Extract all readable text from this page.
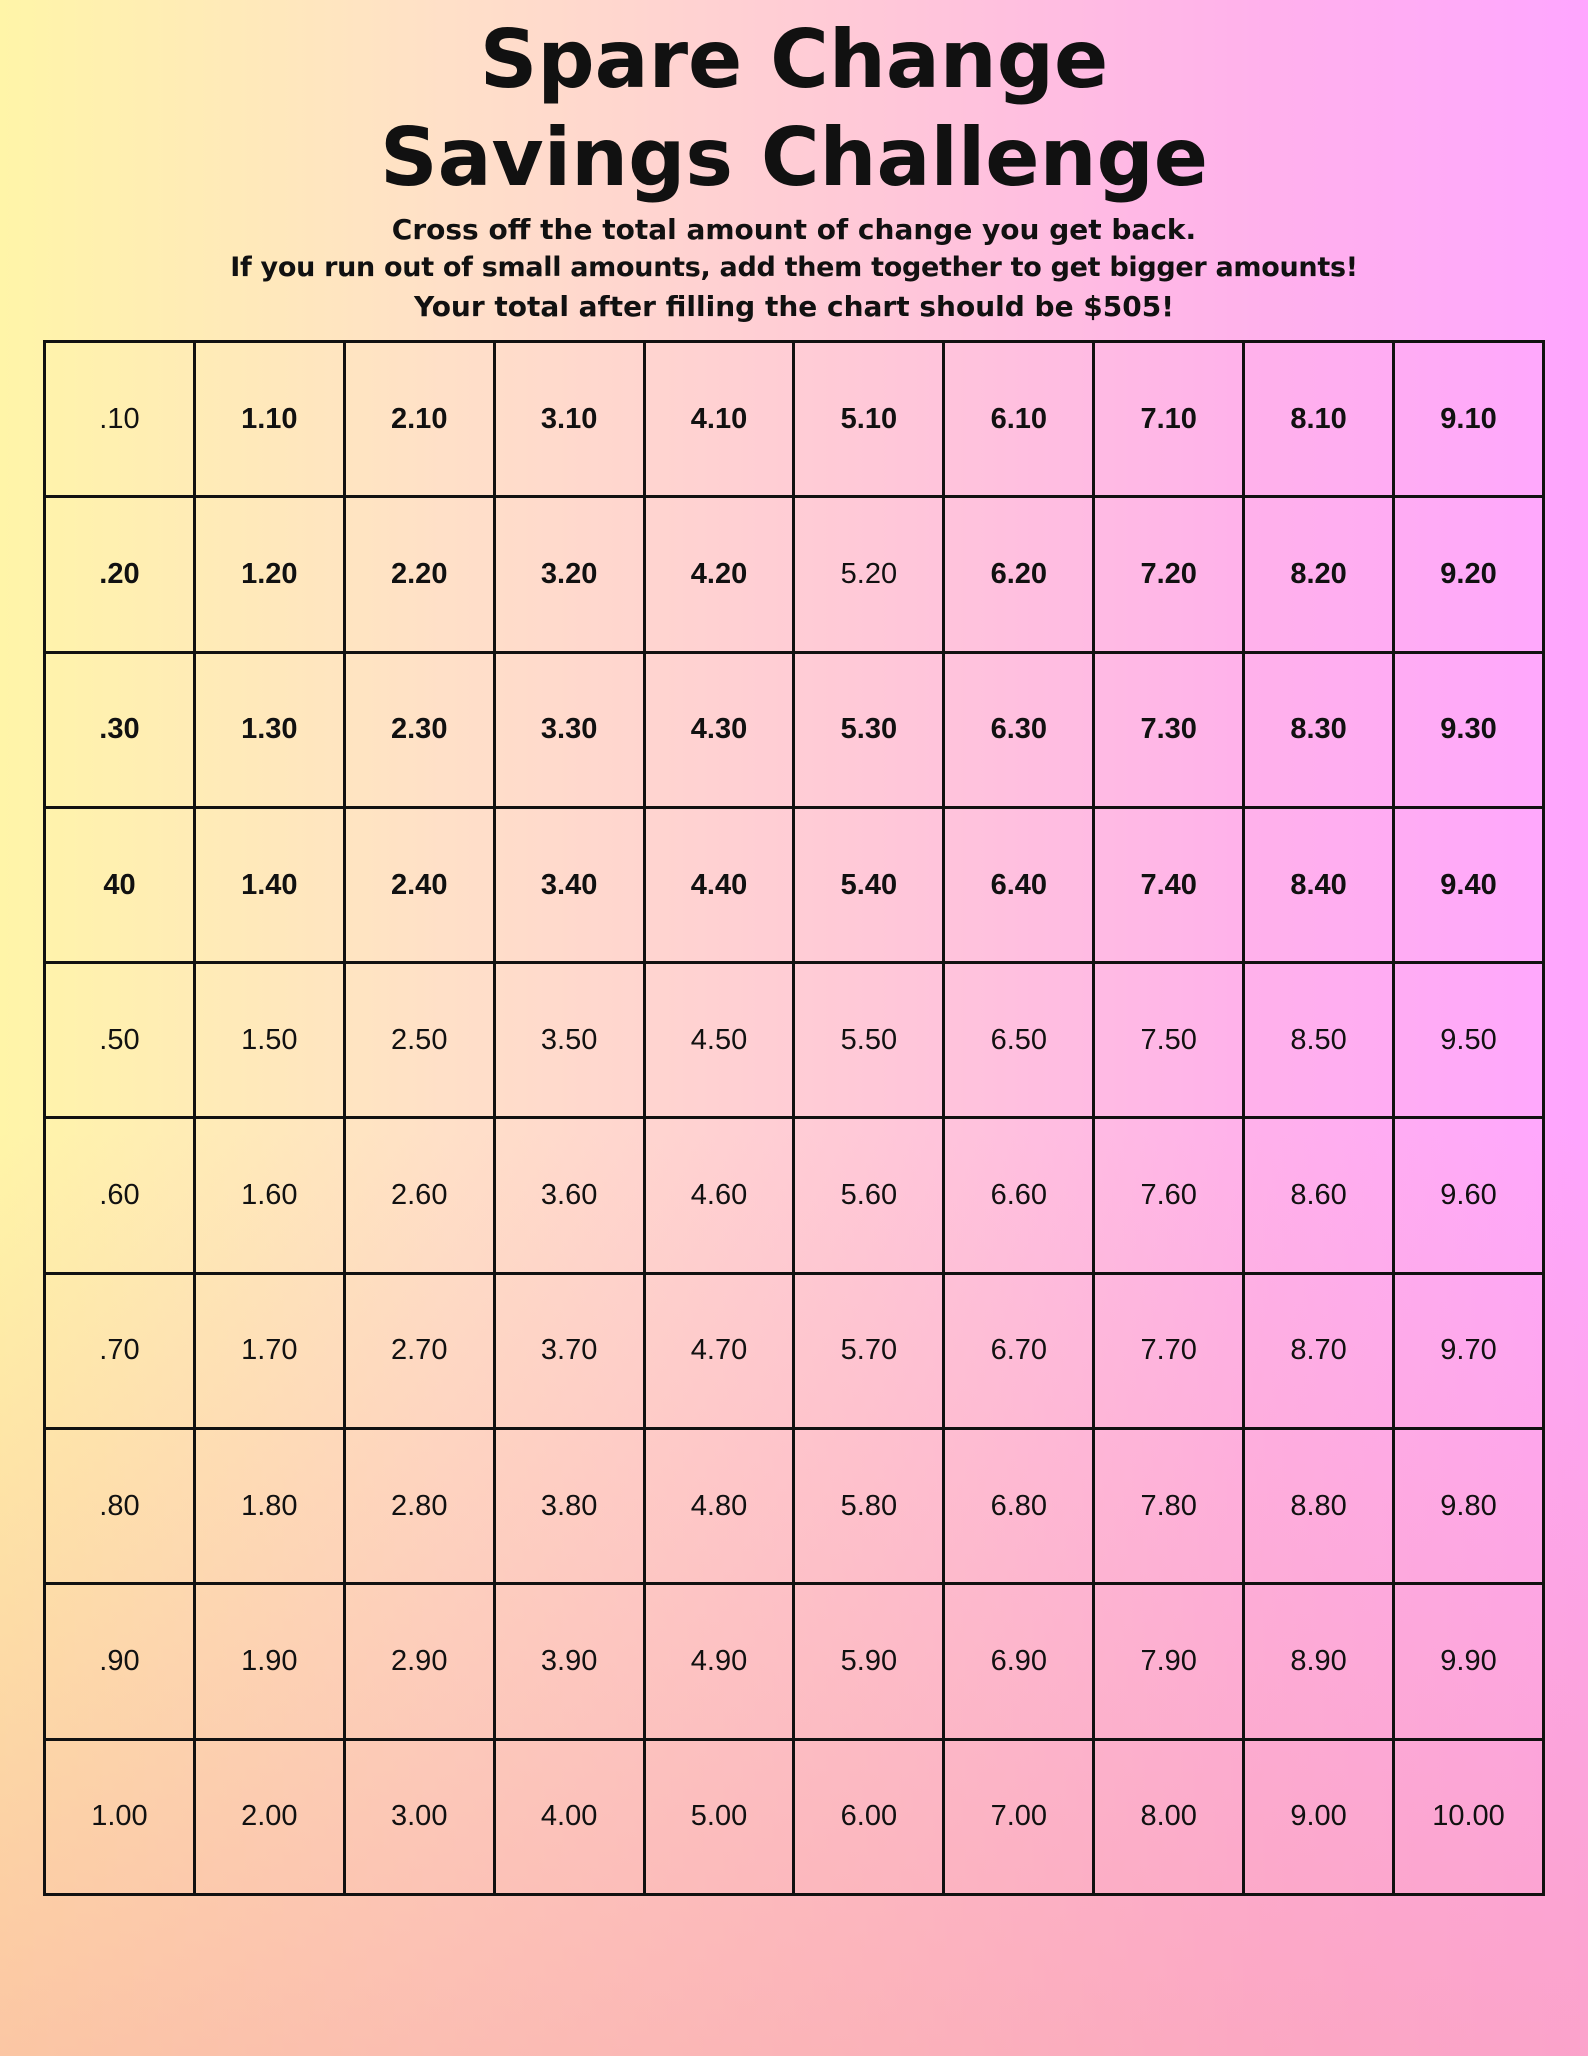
Spare Change
Savings Challenge

Cross off the total amount of change you get back.

If you run out of small amounts, add them together to get bigger amounts!

Your total after filling the chart should be $505!

.10	1.10	2.10	3.10	4.10	5.10	6.10	7.10	8.10	9.10
.20	1.20	2.20	3.20	4.20	5.20	6.20	7.20	8.20	9.20
.30	1.30	2.30	3.30	4.30	5.30	6.30	7.30	8.30	9.30
40	1.40	2.40	3.40	4.40	5.40	6.40	7.40	8.40	9.40
.50	1.50	2.50	3.50	4.50	5.50	6.50	7.50	8.50	9.50
.60	1.60	2.60	3.60	4.60	5.60	6.60	7.60	8.60	9.60
.70	1.70	2.70	3.70	4.70	5.70	6.70	7.70	8.70	9.70
.80	1.80	2.80	3.80	4.80	5.80	6.80	7.80	8.80	9.80
.90	1.90	2.90	3.90	4.90	5.90	6.90	7.90	8.90	9.90
1.00	2.00	3.00	4.00	5.00	6.00	7.00	8.00	9.00	10.00
